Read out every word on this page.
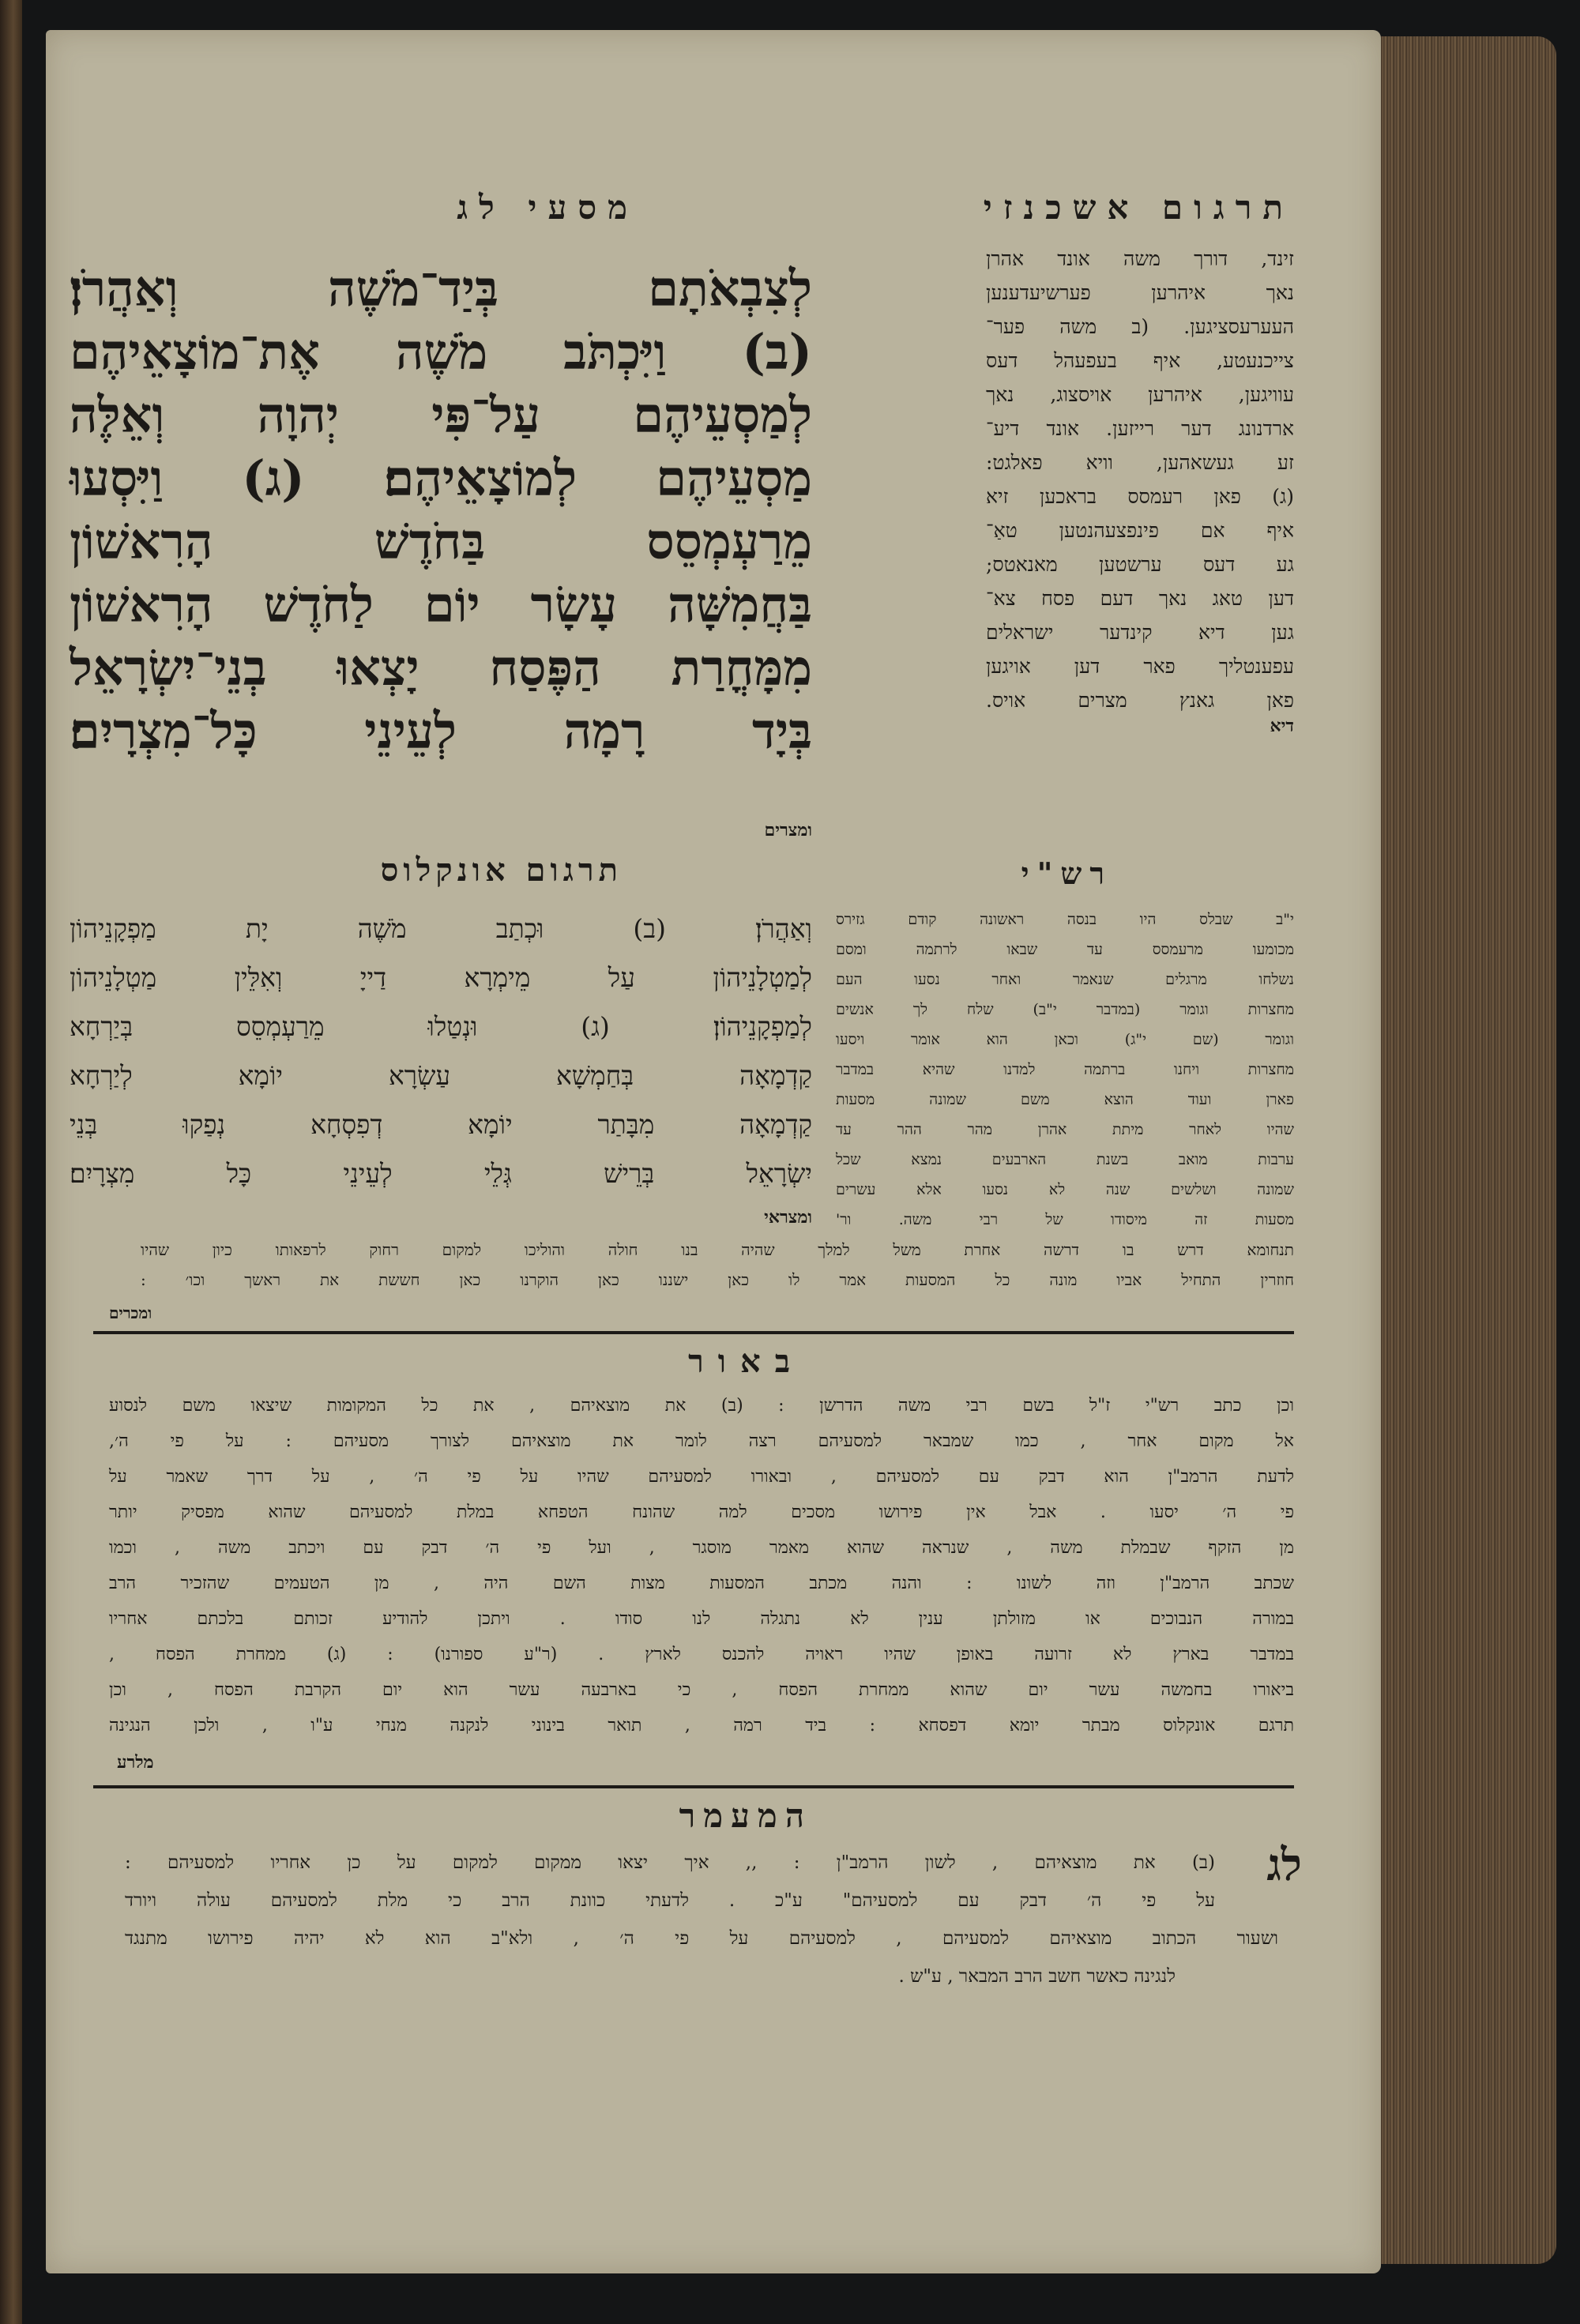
תרגום אשכנזי
מסעי לג
לְצִבְאֹתָם בְּיַד־מֹשֶׁה וְאַהֲרֹן׃
(ב) וַיִּכְתֹּב מֹשֶׁה אֶת־מוֹצָאֵיהֶם
לְמַסְעֵיהֶם עַל־פִּי יְהוָה וְאֵלֶּה
מַסְעֵיהֶם לְמוֹצָאֵיהֶם׃ (ג) וַיִּסְעוּ
מֵרַעְמְסֵס בַּחֹדֶשׁ הָרִאשׁוֹן
בַּחֲמִשָּׁה עָשָׂר יוֹם לַחֹדֶשׁ הָרִאשׁוֹן
מִמָּחֳרַת הַפֶּסַח יָצְאוּ בְנֵי־יִשְׂרָאֵל
בְּיָד רָמָה לְעֵינֵי כָּל־מִצְרָיִם׃
ומצרים
זינד, דורך משה אונד אהרן
נאך איהרען פערשיעדענען
העערעסציגען. (ב משה פער־
צייכנעטע, איף בעפעהל דעס
עוויגען, איהרען אויסצוג, נאך
ארדנונג דער רייזען. אונד דיע־
זע געשאהען, וויא פאלגט:
(ג) פאן רעמסס בראכען זיא
איף אם פינפצעהנטען טאַ־
גע דעס ערשטען מאנאטס;
דען טאג נאך דעם פסח צא־
גען דיא קינדער ישראלים
עפענטליך פאר דען אויגען
פאן גאנץ מצרים אויס.
דיא
תרגום אונקלוס
וְאַהֲרֹן׃ (ב) וּכְתַב מֹשֶׁה יָת מַפְקָנֵיהוֹן
לְמַטְלָנֵיהוֹן עַל מֵימְרָא דַייָ וְאִלֵּין מַטְלָנֵיהוֹן
לְמַפְקָנֵיהוֹן׃ (ג) וּנְטַלוּ מֵרַעְמְסֵס בְּיַרְחָא
קַדְמָאָה בְּחַמְשָׁא עַשְׂרָא יוֹמָא לְיַרְחָא
קַדְמָאָה מִבָּתַר יוֹמָא דְפִסְחָא נְפַקוּ בְּנֵי
יִשְׂרָאֵל בְּרֵישׁ גְּלֵי לְעֵינֵי כָּל מִצְרָיִם׃
ומצראי
רש"י
י"ב שבלס היו בנסה ראשונה קודם גזירס
מכומעו מרעמסס עד שבאו לרתמה ומסם
נשלחו מרגלים שנאמר ואחר נסעו העם
מחצרות וגומר (במדבר י"ב) שלח לך אנשים
וגומר (שם י"ג) וכאן הוא אומר ויסעו
מחצרות ויחנו ברתמה למדנו שהיא במדבר
פארן ועוד הוצא משם שמונה מסעות
שהיו לאחר מיתת אהרן מהר ההר עד
ערבות מואב בשנת הארבעים נמצא שכל
שמונה ושלשים שנה לא נסעו אלא עשרים
מסעות זה מיסודו של רבי משה. ור'
תנחומא דרש בו דרשה אחרת משל למלך שהיה בנו חולה והוליכו למקום רחוק לרפאותו כיון שהיו
חוזרין התחיל אביו מונה כל המסעות אמר לו כאן ישננו כאן הוקרנו כאן חששת את ראשך וכו׳ :
ומכרים
באור
וכן כתב רש"י ז"ל בשם רבי משה הדרשן : (ב) את מוצאיהם , את כל המקומות שיצאו משם לנסוע
אל מקום אחר , כמו שמבאר למסעיהם רצה לומר את מוצאיהם לצורך מסעיהם : על פי ה׳,
לדעת הרמב"ן הוא דבק עם למסעיהם , ובאורו למסעיהם שהיו על פי ה׳ , על דרך שאמר על
פי ה׳ יסעו . אבל אין פירושו מסכים למה שהונח הטפחא במלת למסעיהם שהוא מפסיק יותר
מן הזקף שבמלת משה , שנראה שהוא מאמר מוסגר , ועל פי ה׳ דבק עם ויכתב משה , וכמו
שכתב הרמב"ן וזה לשונו : והנה מכתב המסעות מצות השם היה , מן הטעמים שהזכיר הרב
במורה הנבוכים או מזולתן ענין לא נתגלה לנו סודו . ויתכן להודיע זכותם בלכתם אחריו
במדבר בארץ לא זרועה באופן שהיו ראויה להכנס לארץ . (ר"ע ספורנו) : (ג) ממחרת הפסח ,
ביאורו בחמשה עשר יום שהוא ממחרת הפסח , כי בארבעה עשר הוא יום הקרבת הפסח , וכן
תרגם אונקלוס מבתר יומא דפסחא : ביד רמה , תואר בינוני לנקנה מנחי ע"ו , ולכן הנגינה
מלרע
המעמר
לג
(ב) את מוצאיהם , לשון הרמב"ן : ,, איך יצאו ממקום למקום על כן אחריו למסעיהם :
על פי ה׳ דבק עם למסעיהם" ע"כ . לדעתי כוונת הרב כי מלת למסעיהם עולה ויורד
ושעור הכתוב מוצאיהם למסעיהם , למסעיהם על פי ה׳ , ולא"ב הוא לא יהיה פירושו מתנגד
לנגינה כאשר חשב הרב המבאר , ע"ש .
